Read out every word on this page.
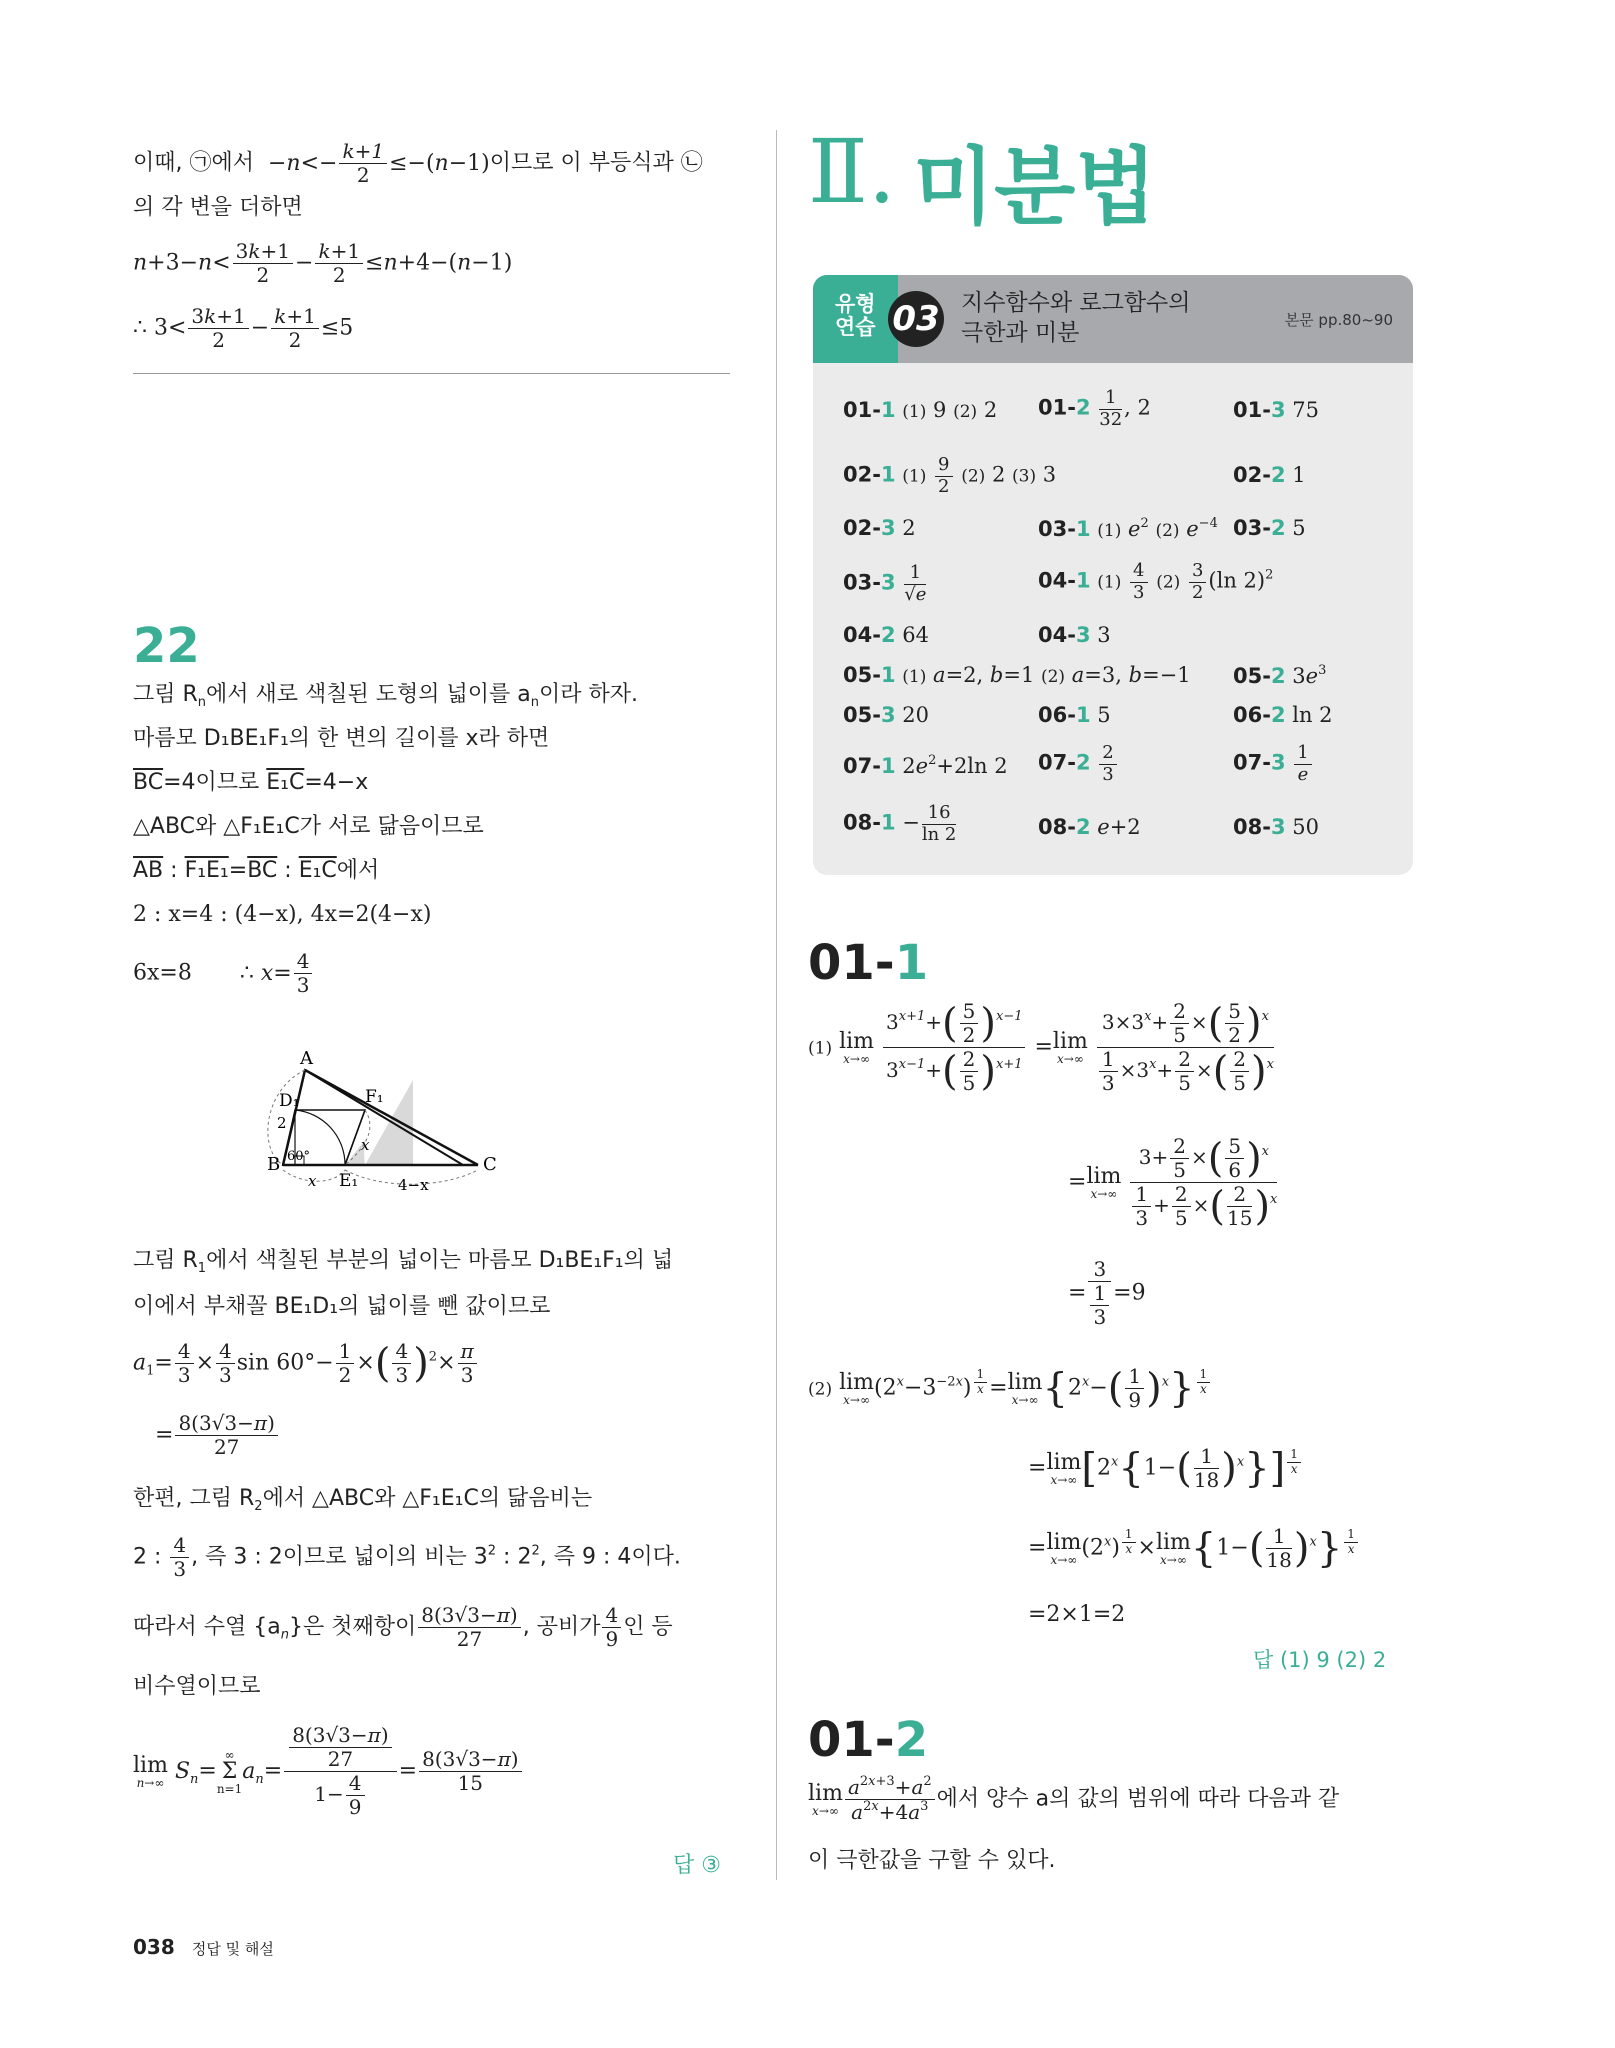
이때, ㉠에서  $-n<- \frac{k+1}{2} \le-(n-1)$이므로 이 부등식과 ㉡
의 각 변을 더하면
$n+3-n< \frac{3k+1}{2} - \frac{k+1}{2} \le n+4-(n-1)$
∴ $3< \frac{3k+1}{2} - \frac{k+1}{2} \le 5$
22
그림 $R_n$에서 새로 색칠된 도형의 넓이를 $a_n$이라 하자.
마름모 D₁BE₁F₁의 한 변의 길이를 x라 하면
$\overline{BC}=4$이므로 E₁C=4−x
△ABC와 △F₁E₁C가 서로 닮음이므로
$\overline{AB}$ : $F_1E_1=\overline{BC}$ : E₁C에서
2 : x=4 : (4−x), 4x=2(4−x)
6x=8 ∴ $x= \frac{4}{3}$
A
B	C
D₁
E₁
F₁
2
x
x
4−x
60°
그림 $R_1$에서 색칠된 부분의 넓이는 마름모 D₁BE₁F₁의 넓
이에서 부채꼴 BE₁D₁의 넓이를 뺀 값이므로
$a_1= \frac{4}{3} \times \frac{4}{3}$ $\sin 60^\circ- \frac{1}{2}$ ×( $\frac{4}{3} )^2\times \frac{\pi}{3}$
= $\frac{8(3√3-\pi)}{27}$
한편, 그림 $R_2$에서 △ABC와 △F₁E₁C의 닮음비는
2 : $\frac{4}{3}$ , 즉 3 : 2이므로 넓이의 비는 $3^2$ : $2^2$, 즉 9 : 4이다.
따라서 수열 $\{a_n\}$은 첫째항이 $\frac{8(3√3-\pi)}{27}$ , 공비가 $\frac{4}{9}$ 인 등
비수열이므로
lim
n→∞ $S_n=$
∞
Σ
n=1
$a_n= \frac{\frac{8(3√3-\pi)}{27}}{1- \frac{4}{9}} = \frac{8(3√3-\pi)}{15}$
답 ③
Ⅱ. 미분법
유형
연습 03 지수함수와 로그함수의
극한과 미분	본문 pp.80~90
01-1 (1) 9 (2) 2 $01-2 \frac{1}{32}$ , 2	01-3 75
02-1 $(1) \frac{9}{2} (2)$ 2 (3) 3	02-2 1
02-3 2	03-1 (1) $e^2$ (2) $e^{-4}$ 03-2 5
$03-3 \frac{1}{√e}$	04-1 $(1) \frac{4}{3} (2) \frac{3}{2} (\ln$ 2)$^2$
04-2 64	04-3 3
05-1 (1) a=2, b=1 (2) a=3, b=−1 05-2 $3e^3$
05-3 20	06-1 5	06-2 ln 2
07-1 $2e^2+2\ln$ 2 $07-2 \frac{2}{3}$	$07-3 \frac{1}{e}$
$08-1 - \frac{16}{\ln 2}$	08-2 e+2	08-3 50
01-1
(1) lim
x→∞
$\frac{3^{x+1}+( \frac{5}{2} )^{x-1}}{3^{x-1}+( \frac{2}{5} )^{x+1}} = \lim$
x→∞
$\frac{3\times 3^x+ \frac{2}{5} \times( \frac{5}{2} )^x}{\frac{1}{3} \times 3^x+ \frac{2}{5} \times( \frac{2}{5} )^x}$
= lim
x→∞
$\frac{3+ \frac{2}{5} \times( \frac{5}{6} )^x}{\frac{1}{3} + \frac{2}{5} \times( \frac{2}{15} )^x}$
= $\frac{3}{\frac{1}{3}} =9$
(2) lim
x→∞ $(2^x-3^{-2x}) ^{\frac{1}{x}} = \lim$
x→∞ $\{2^x-( \frac{1}{9} )^x\}$ $^{\frac{1}{x}}$
= lim
x→∞ $[2^x\{1-( \frac{1}{18} )^x\}]$ $^{\frac{1}{x}}$
= lim
x→∞ (2$^x$) $^{\frac{1}{x}}$ × lim
x→∞ $\{1-( \frac{1}{18} )^x\}$ $^{\frac{1}{x}}$
=2×1=2
답 (1) 9 (2) 2
01-2
lim
$x\to\infty \frac{a^{2x+3}+a^2}{a^{2x}+4a^3}$ 에서 양수 a의 값의 범위에 따라 다음과 같
이 극한값을 구할 수 있다.
038 정답 및 해설
